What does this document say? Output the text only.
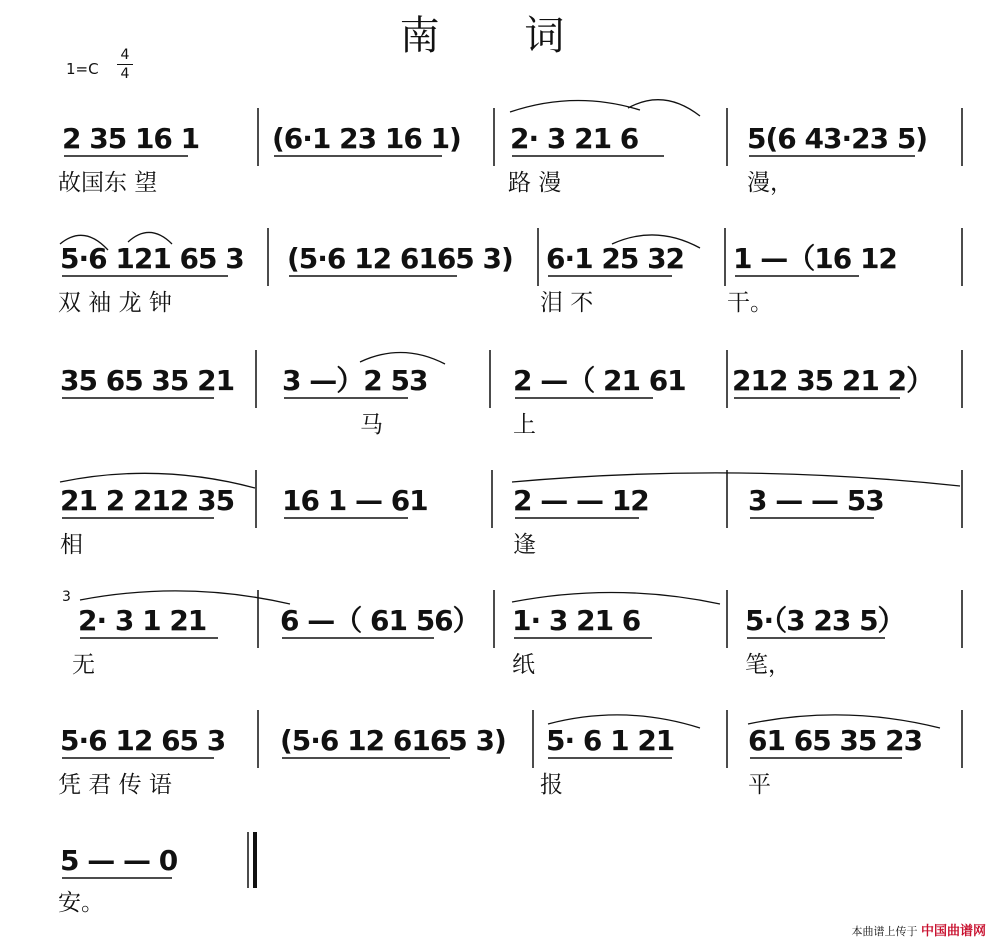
南 词
1=C
4
4
2 35 16 1	(6·1 23 16 1) 2· 3 21 6	5(6 43·23 5)
故国东 望	路 漫	漫，
5·6 121 65 3 (5·6 12 6165 3) 6·1 25 32 1 —（16 12
双 袖 龙 钟	泪 不	干。
35 65 35 21 3 —）2 53	2 —（ 21 61 212 35 21 2）
马	上
21 2 212 35 16 1 — 61	2 — — 12	3 — — 53
相	逢
2· 3 1 21	6 —（ 61 56） 1· 3 21 6	5·（3 23 5）
无	纸	笔，
3
5·6 12 65 3 (5·6 12 6165 3) 5· 6 1 21	61 65 35 23
凭 君 传 语	报	平
5 — — 0
安。
本曲谱上传于 中国曲谱网
